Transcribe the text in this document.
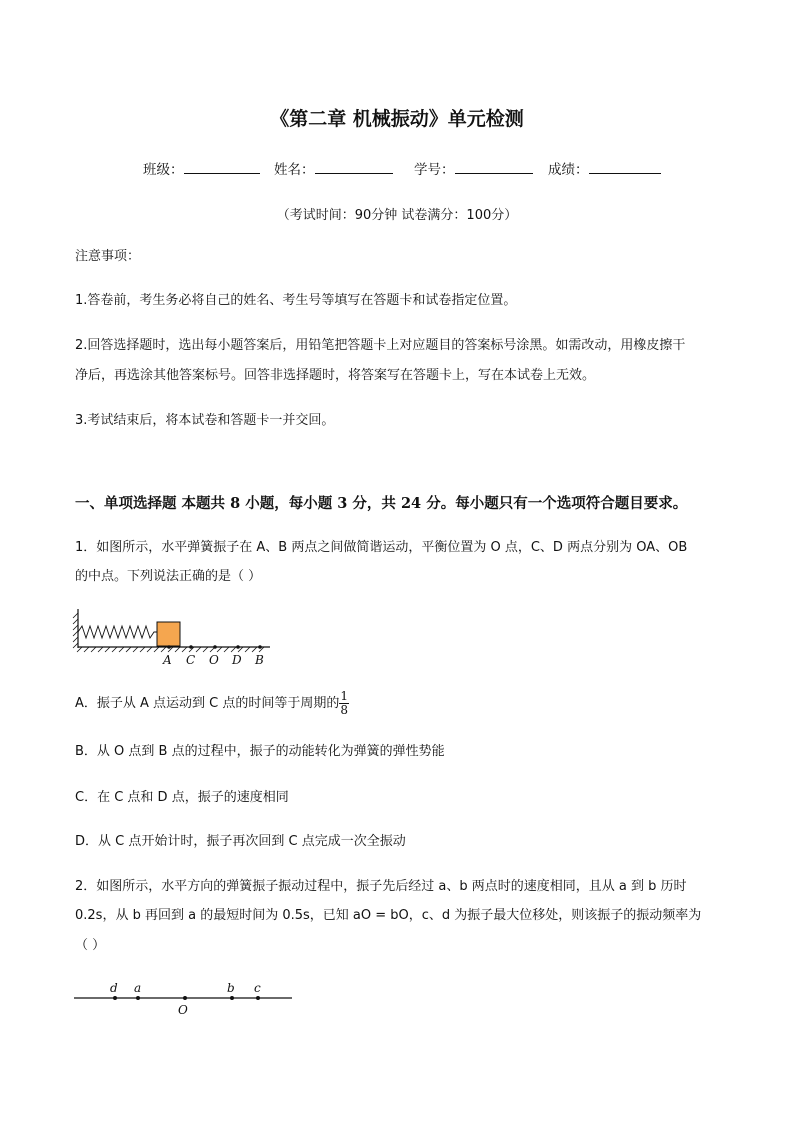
《第二章 机械振动》单元检测
班级：	姓名：	学号：	成绩：
（考试时间：90分钟 试卷满分：100分）
注意事项：
1.答卷前，考生务必将自己的姓名、考生号等填写在答题卡和试卷指定位置。
2.回答选择题时，选出每小题答案后，用铅笔把答题卡上对应题目的答案标号涂黑。如需改动，用橡皮擦干
净后，再选涂其他答案标号。回答非选择题时，将答案写在答题卡上，写在本试卷上无效。
3.考试结束后，将本试卷和答题卡一并交回。
一、单项选择题 本题共 8 小题，每小题 3 分，共 24 分。每小题只有一个选项符合题目要求。
1．如图所示，水平弹簧振子在 A、B 两点之间做简谐运动，平衡位置为 O 点，C、D 两点分别为 OA、OB
的中点。下列说法正确的是（ ）
A C O D B
A．振子从 A 点运动到 C 点的时间等于周期的 $\frac{1}{8}$
B．从 O 点到 B 点的过程中，振子的动能转化为弹簧的弹性势能
C．在 C 点和 D 点，振子的速度相同
D．从 C 点开始计时，振子再次回到 C 点完成一次全振动
2．如图所示，水平方向的弹簧振子振动过程中，振子先后经过 a、b 两点时的速度相同，且从 a 到 b 历时
0.2s，从 b 再回到 a 的最短时间为 0.5s，已知 aO = bO，c、d 为振子最大位移处，则该振子的振动频率为
（ ）
d a
O
b c
